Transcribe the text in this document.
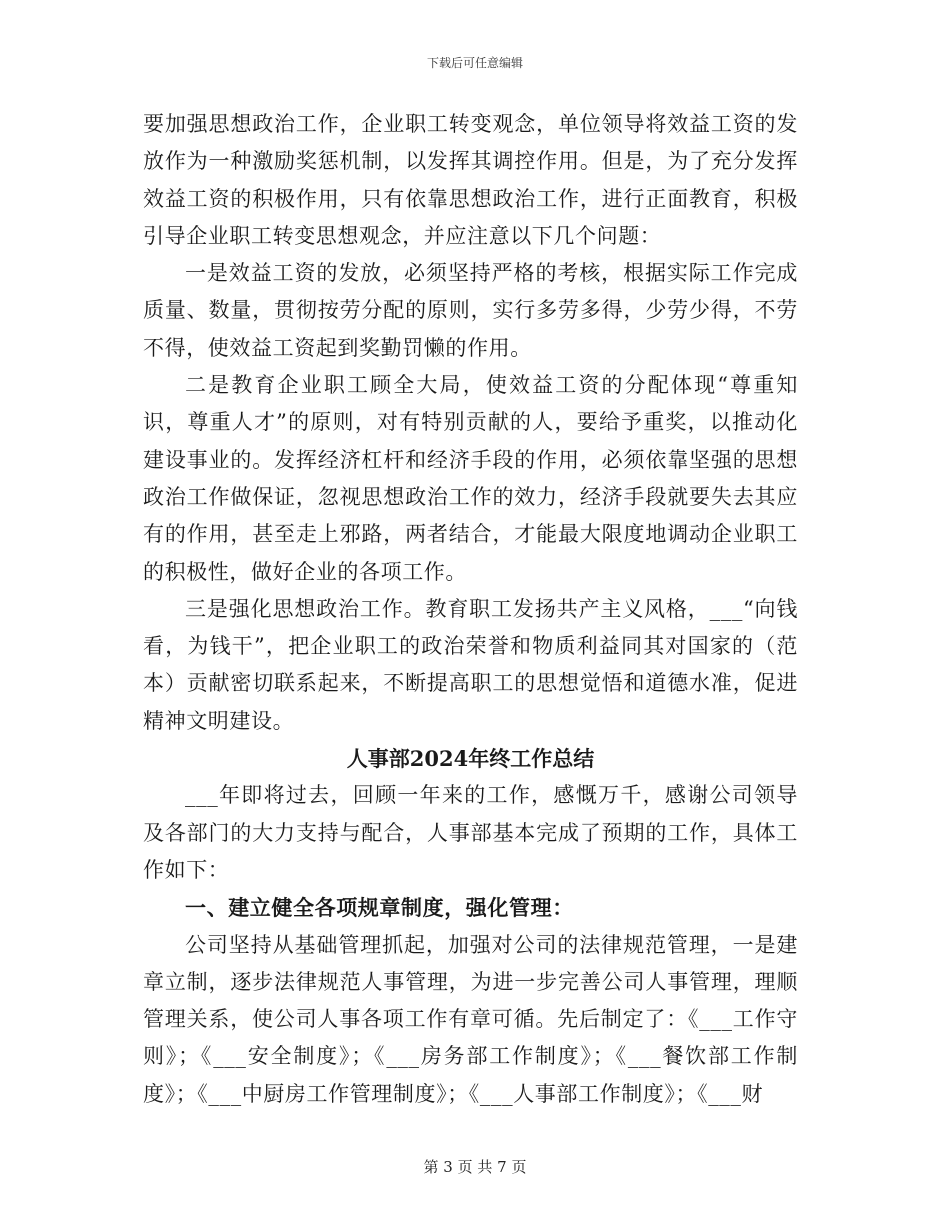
下载后可任意编辑

要加强思想政治工作，企业职工转变观念，单位领导将效益工资的发放作为一种激励奖惩机制，以发挥其调控作用。但是，为了充分发挥效益工资的积极作用，只有依靠思想政治工作，进行正面教育，积极引导企业职工转变思想观念，并应注意以下几个问题：

一是效益工资的发放，必须坚持严格的考核，根据实际工作完成质量、数量，贯彻按劳分配的原则，实行多劳多得，少劳少得，不劳不得，使效益工资起到奖勤罚懒的作用。

二是教育企业职工顾全大局，使效益工资的分配体现“尊重知识，尊重人才”的原则，对有特别贡献的人，要给予重奖，以推动化建设事业的。发挥经济杠杆和经济手段的作用，必须依靠坚强的思想政治工作做保证，忽视思想政治工作的效力，经济手段就要失去其应有的作用，甚至走上邪路，两者结合，才能最大限度地调动企业职工的积极性，做好企业的各项工作。

三是强化思想政治工作。教育职工发扬共产主义风格，___“向钱看，为钱干”，把企业职工的政治荣誉和物质利益同其对国家的（范本）贡献密切联系起来，不断提高职工的思想觉悟和道德水准，促进精神文明建设。

人事部2024年终工作总结

___年即将过去，回顾一年来的工作，感慨万千，感谢公司领导及各部门的大力支持与配合，人事部基本完成了预期的工作，具体工作如下：

一、建立健全各项规章制度，强化管理：

公司坚持从基础管理抓起，加强对公司的法律规范管理，一是建章立制，逐步法律规范人事管理，为进一步完善公司人事管理，理顺管理关系，使公司人事各项工作有章可循。先后制定了：《___工作守则》；《___安全制度》；《___房务部工作制度》；《___餐饮部工作制度》；《___中厨房工作管理制度》；《___人事部工作制度》；《___财

第 3 页 共 7 页
